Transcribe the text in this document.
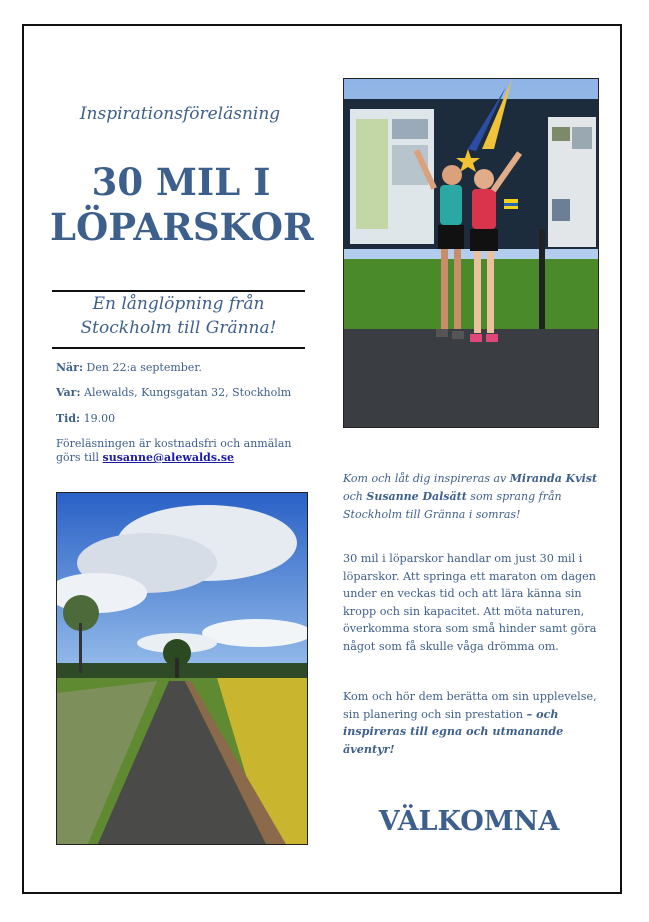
Inspirationsföreläsning
30 MIL I
LÖPARSKOR
En långlöpning från
Stockholm till Gränna!
När: Den 22:a september.
Var: Alewalds, Kungsgatan 32, Stockholm
Tid: 19.00
Föreläsningen är kostnadsfri och anmälan görs till susanne@alewalds.se
Kom och låt dig inspireras av Miranda Kvist och Susanne Dalsätt som sprang från Stockholm till Gränna i somras!
30 mil i löparskor handlar om just 30 mil i löparskor. Att springa ett maraton om dagen under en veckas tid och att lära känna sin kropp och sin kapacitet. Att möta naturen, överkomma stora som små hinder samt göra något som få skulle våga drömma om.
Kom och hör dem berätta om sin upplevelse, sin planering och sin prestation – och inspireras till egna och utmanande äventyr!
VÄLKOMNA
